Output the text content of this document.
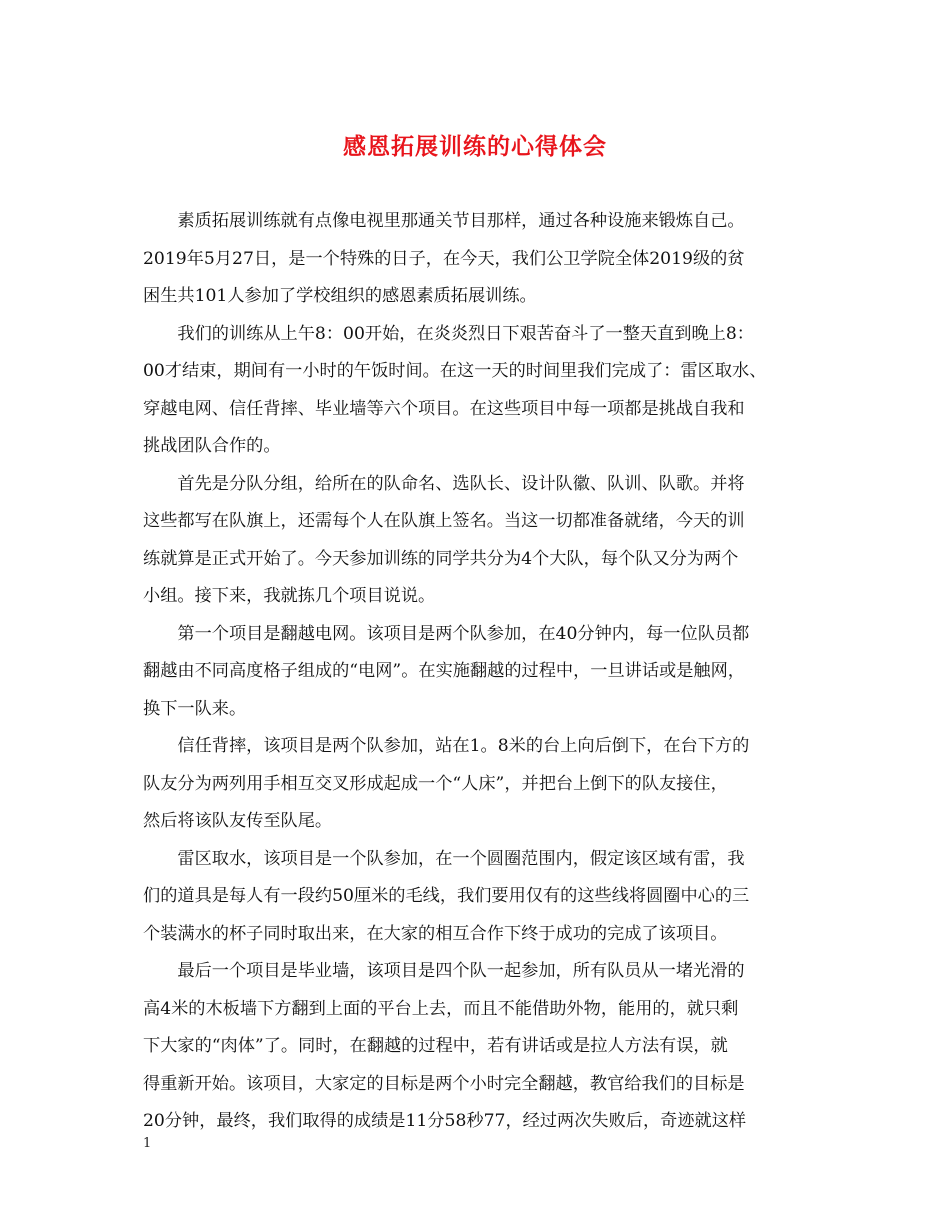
感恩拓展训练的心得体会

素质拓展训练就有点像电视里那通关节目那样，通过各种设施来锻炼自己。
2019年5月27日，是一个特殊的日子，在今天，我们公卫学院全体2019级的贫
困生共101人参加了学校组织的感恩素质拓展训练。

我们的训练从上午8：00开始，在炎炎烈日下艰苦奋斗了一整天直到晚上8：
00才结束，期间有一小时的午饭时间。在这一天的时间里我们完成了：雷区取水、
穿越电网、信任背摔、毕业墙等六个项目。在这些项目中每一项都是挑战自我和
挑战团队合作的。

首先是分队分组，给所在的队命名、选队长、设计队徽、队训、队歌。并将
这些都写在队旗上，还需每个人在队旗上签名。当这一切都准备就绪，今天的训
练就算是正式开始了。今天参加训练的同学共分为4个大队，每个队又分为两个
小组。接下来，我就拣几个项目说说。

第一个项目是翻越电网。该项目是两个队参加，在40分钟内，每一位队员都
翻越由不同高度格子组成的“电网”。在实施翻越的过程中，一旦讲话或是触网，
换下一队来。

信任背摔，该项目是两个队参加，站在1。8米的台上向后倒下，在台下方的
队友分为两列用手相互交叉形成起成一个“人床”，并把台上倒下的队友接住，
然后将该队友传至队尾。

雷区取水，该项目是一个队参加，在一个圆圈范围内，假定该区域有雷，我
们的道具是每人有一段约50厘米的毛线，我们要用仅有的这些线将圆圈中心的三
个装满水的杯子同时取出来，在大家的相互合作下终于成功的完成了该项目。

最后一个项目是毕业墙，该项目是四个队一起参加，所有队员从一堵光滑的
高4米的木板墙下方翻到上面的平台上去，而且不能借助外物，能用的，就只剩
下大家的“肉体”了。同时，在翻越的过程中，若有讲话或是拉人方法有误，就
得重新开始。该项目，大家定的目标是两个小时完全翻越，教官给我们的目标是
20分钟，最终，我们取得的成绩是11分58秒77，经过两次失败后，奇迹就这样

1
